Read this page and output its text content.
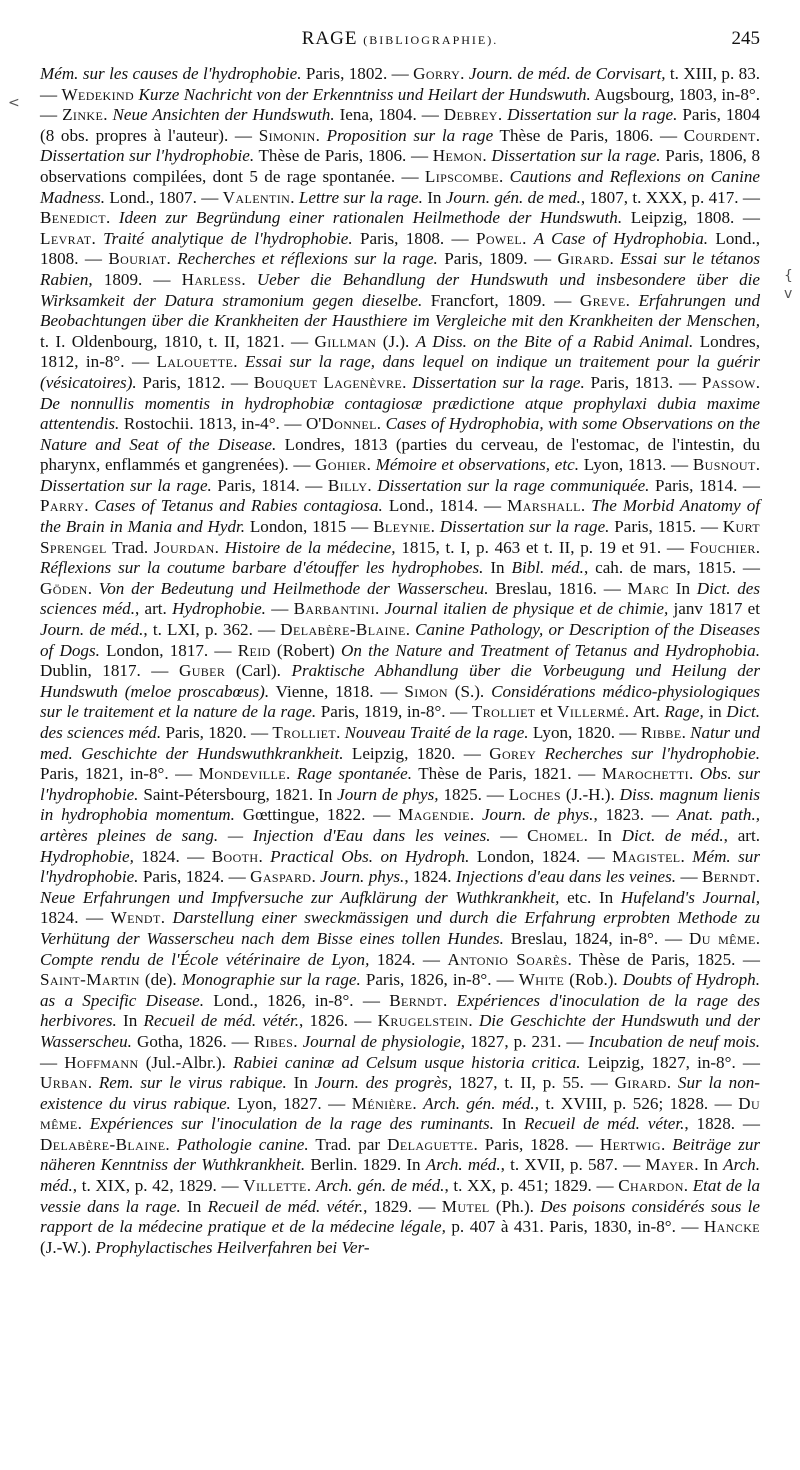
RAGE (BIBLIOGRAPHIE).	245
<
{
v

Mém. sur les causes de l'hydrophobie. Paris, 1802. — Gorry. Journ. de méd. de Corvisart, t. XIII, p. 83. — Wedekind Kurze Nachricht von der Erkenntniss und Heilart der Hundswuth. Augsbourg, 1803, in-8°. — Zinke. Neue Ansichten der Hundswuth. Iena, 1804. — Debrey. Dissertation sur la rage. Paris, 1804 (8 obs. propres à l'auteur). — Simonin. Proposition sur la rage Thèse de Paris, 1806. — Courdent. Dissertation sur l'hydrophobie. Thèse de Paris, 1806. — Hemon. Dissertation sur la rage. Paris, 1806, 8 observations compilées, dont 5 de rage spontanée. — Lipscombe. Cautions and Reflexions on Canine Madness. Lond., 1807. — Valentin. Lettre sur la rage. In Journ. gén. de med., 1807, t. XXX, p. 417. — Benedict. Ideen zur Begründung einer rationalen Heilmethode der Hundswuth. Leipzig, 1808. — Levrat. Traité analytique de l'hydrophobie. Paris, 1808. — Powel. A Case of Hydrophobia. Lond., 1808. — Bouriat. Recherches et réflexions sur la rage. Paris, 1809. — Girard. Essai sur le tétanos Rabien, 1809. — Harless. Ueber die Behandlung der Hundswuth und insbesondere über die Wirksamkeit der Datura stramonium gegen dieselbe. Francfort, 1809. — Greve. Erfahrungen und Beobachtungen über die Krankheiten der Hausthiere im Vergleiche mit den Krankheiten der Menschen, t. I. Oldenbourg, 1810, t. II, 1821. — Gillman (J.). A Diss. on the Bite of a Rabid Animal. Londres, 1812, in-8°. — Lalouette. Essai sur la rage, dans lequel on indique un traitement pour la guérir (vésicatoires). Paris, 1812. — Bouquet Lagenèvre. Dissertation sur la rage. Paris, 1813. — Passow. De nonnullis momentis in hydrophobiæ contagiosæ prædictione atque prophylaxi dubia maxime attentendis. Rostochii. 1813, in-4°. — O'Donnel. Cases of Hydrophobia, with some Observations on the Nature and Seat of the Disease. Londres, 1813 (parties du cerveau, de l'estomac, de l'intestin, du pharynx, enflammés et gangrenées). — Gohier. Mémoire et observations, etc. Lyon, 1813. — Busnout. Dissertation sur la rage. Paris, 1814. — Billy. Dissertation sur la rage communiquée. Paris, 1814. — Parry. Cases of Tetanus and Rabies contagiosa. Lond., 1814. — Marshall. The Morbid Anatomy of the Brain in Mania and Hydr. London, 1815 — Bleynie. Dissertation sur la rage. Paris, 1815. — Kurt Sprengel Trad. Jourdan. Histoire de la médecine, 1815, t. I, p. 463 et t. II, p. 19 et 91. — Fouchier. Réflexions sur la coutume barbare d'étouffer les hydrophobes. In Bibl. méd., cah. de mars, 1815. — Göden. Von der Bedeutung und Heilmethode der Wasserscheu. Breslau, 1816. — Marc In Dict. des sciences méd., art. Hydrophobie. — Barbantini. Journal italien de physique et de chimie, janv 1817 et Journ. de méd., t. LXI, p. 362. — Delabère-Blaine. Canine Pathology, or Description of the Diseases of Dogs. London, 1817. — Reid (Robert) On the Nature and Treatment of Tetanus and Hydrophobia. Dublin, 1817. — Guber (Carl). Praktische Abhandlung über die Vorbeugung und Heilung der Hundswuth (meloe proscabœus). Vienne, 1818. — Simon (S.). Considérations médico-physiologiques sur le traitement et la nature de la rage. Paris, 1819, in-8°. — Trolliet et Villermé. Art. Rage, in Dict. des sciences méd. Paris, 1820. — Trolliet. Nouveau Traité de la rage. Lyon, 1820. — Ribbe. Natur und med. Geschichte der Hundswuthkrankheit. Leipzig, 1820. — Gorey Recherches sur l'hydrophobie. Paris, 1821, in-8°. — Mondeville. Rage spontanée. Thèse de Paris, 1821. — Marochetti. Obs. sur l'hydrophobie. Saint-Pétersbourg, 1821. In Journ de phys, 1825. — Loches (J.-H.). Diss. magnum lienis in hydrophobia momentum. Gœttingue, 1822. — Magendie. Journ. de phys., 1823. — Anat. path., artères pleines de sang. — Injection d'Eau dans les veines. — Chomel. In Dict. de méd., art. Hydrophobie, 1824. — Booth. Practical Obs. on Hydroph. London, 1824. — Magistel. Mém. sur l'hydrophobie. Paris, 1824. — Gaspard. Journ. phys., 1824. Injections d'eau dans les veines. — Berndt. Neue Erfahrungen und Impfversuche zur Aufklärung der Wuthkrankheit, etc. In Hufeland's Journal, 1824. — Wendt. Darstellung einer sweckmässigen und durch die Erfahrung erprobten Methode zu Verhütung der Wasserscheu nach dem Bisse eines tollen Hundes. Breslau, 1824, in-8°. — Du même. Compte rendu de l'École vétérinaire de Lyon, 1824. — Antonio Soarès. Thèse de Paris, 1825. — Saint-Martin (de). Monographie sur la rage. Paris, 1826, in-8°. — White (Rob.). Doubts of Hydroph. as a Specific Disease. Lond., 1826, in-8°. — Berndt. Expériences d'inoculation de la rage des herbivores. In Recueil de méd. vétér., 1826. — Krugelstein. Die Geschichte der Hundswuth und der Wasserscheu. Gotha, 1826. — Ribes. Journal de physiologie, 1827, p. 231. — Incubation de neuf mois. — Hoffmann (Jul.-Albr.). Rabiei caninæ ad Celsum usque historia critica. Leipzig, 1827, in-8°. — Urban. Rem. sur le virus rabique. In Journ. des progrès, 1827, t. II, p. 55. — Girard. Sur la non-existence du virus rabique. Lyon, 1827. — Ménière. Arch. gén. méd., t. XVIII, p. 526; 1828. — Du même. Expériences sur l'inoculation de la rage des ruminants. In Recueil de méd. véter., 1828. — Delabère-Blaine. Pathologie canine. Trad. par Delaguette. Paris, 1828. — Hertwig. Beiträge zur näheren Kenntniss der Wuthkrankheit. Berlin. 1829. In Arch. méd., t. XVII, p. 587. — Mayer. In Arch. méd., t. XIX, p. 42, 1829. — Villette. Arch. gén. de méd., t. XX, p. 451; 1829. — Chardon. Etat de la vessie dans la rage. In Recueil de méd. vétér., 1829. — Mutel (Ph.). Des poisons considérés sous le rapport de la médecine pratique et de la médecine légale, p. 407 à 431. Paris, 1830, in-8°. — Hancke (J.-W.). Prophylactisches Heilverfahren bei Ver-
